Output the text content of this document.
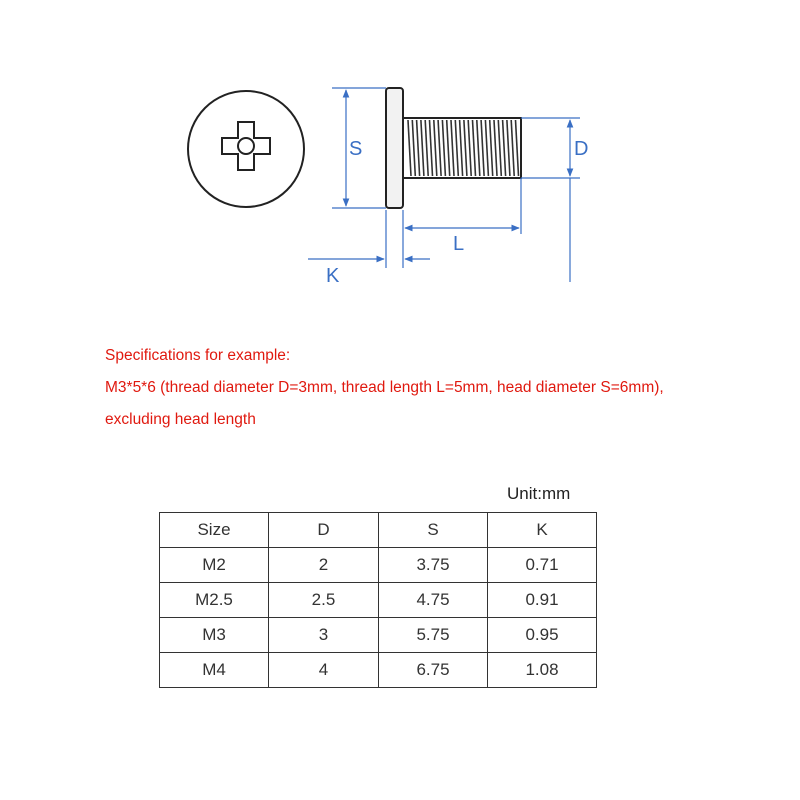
S	D
L
K
Specifications for example:
M3*5*6 (thread diameter D=3mm, thread length L=5mm, head diameter S=6mm),
excluding head length
Unit:mm
Size	D	S	K
M2	2	3.75	0.71
M2.5	2.5	4.75	0.91
M3	3	5.75	0.95
M4	4	6.75	1.08
